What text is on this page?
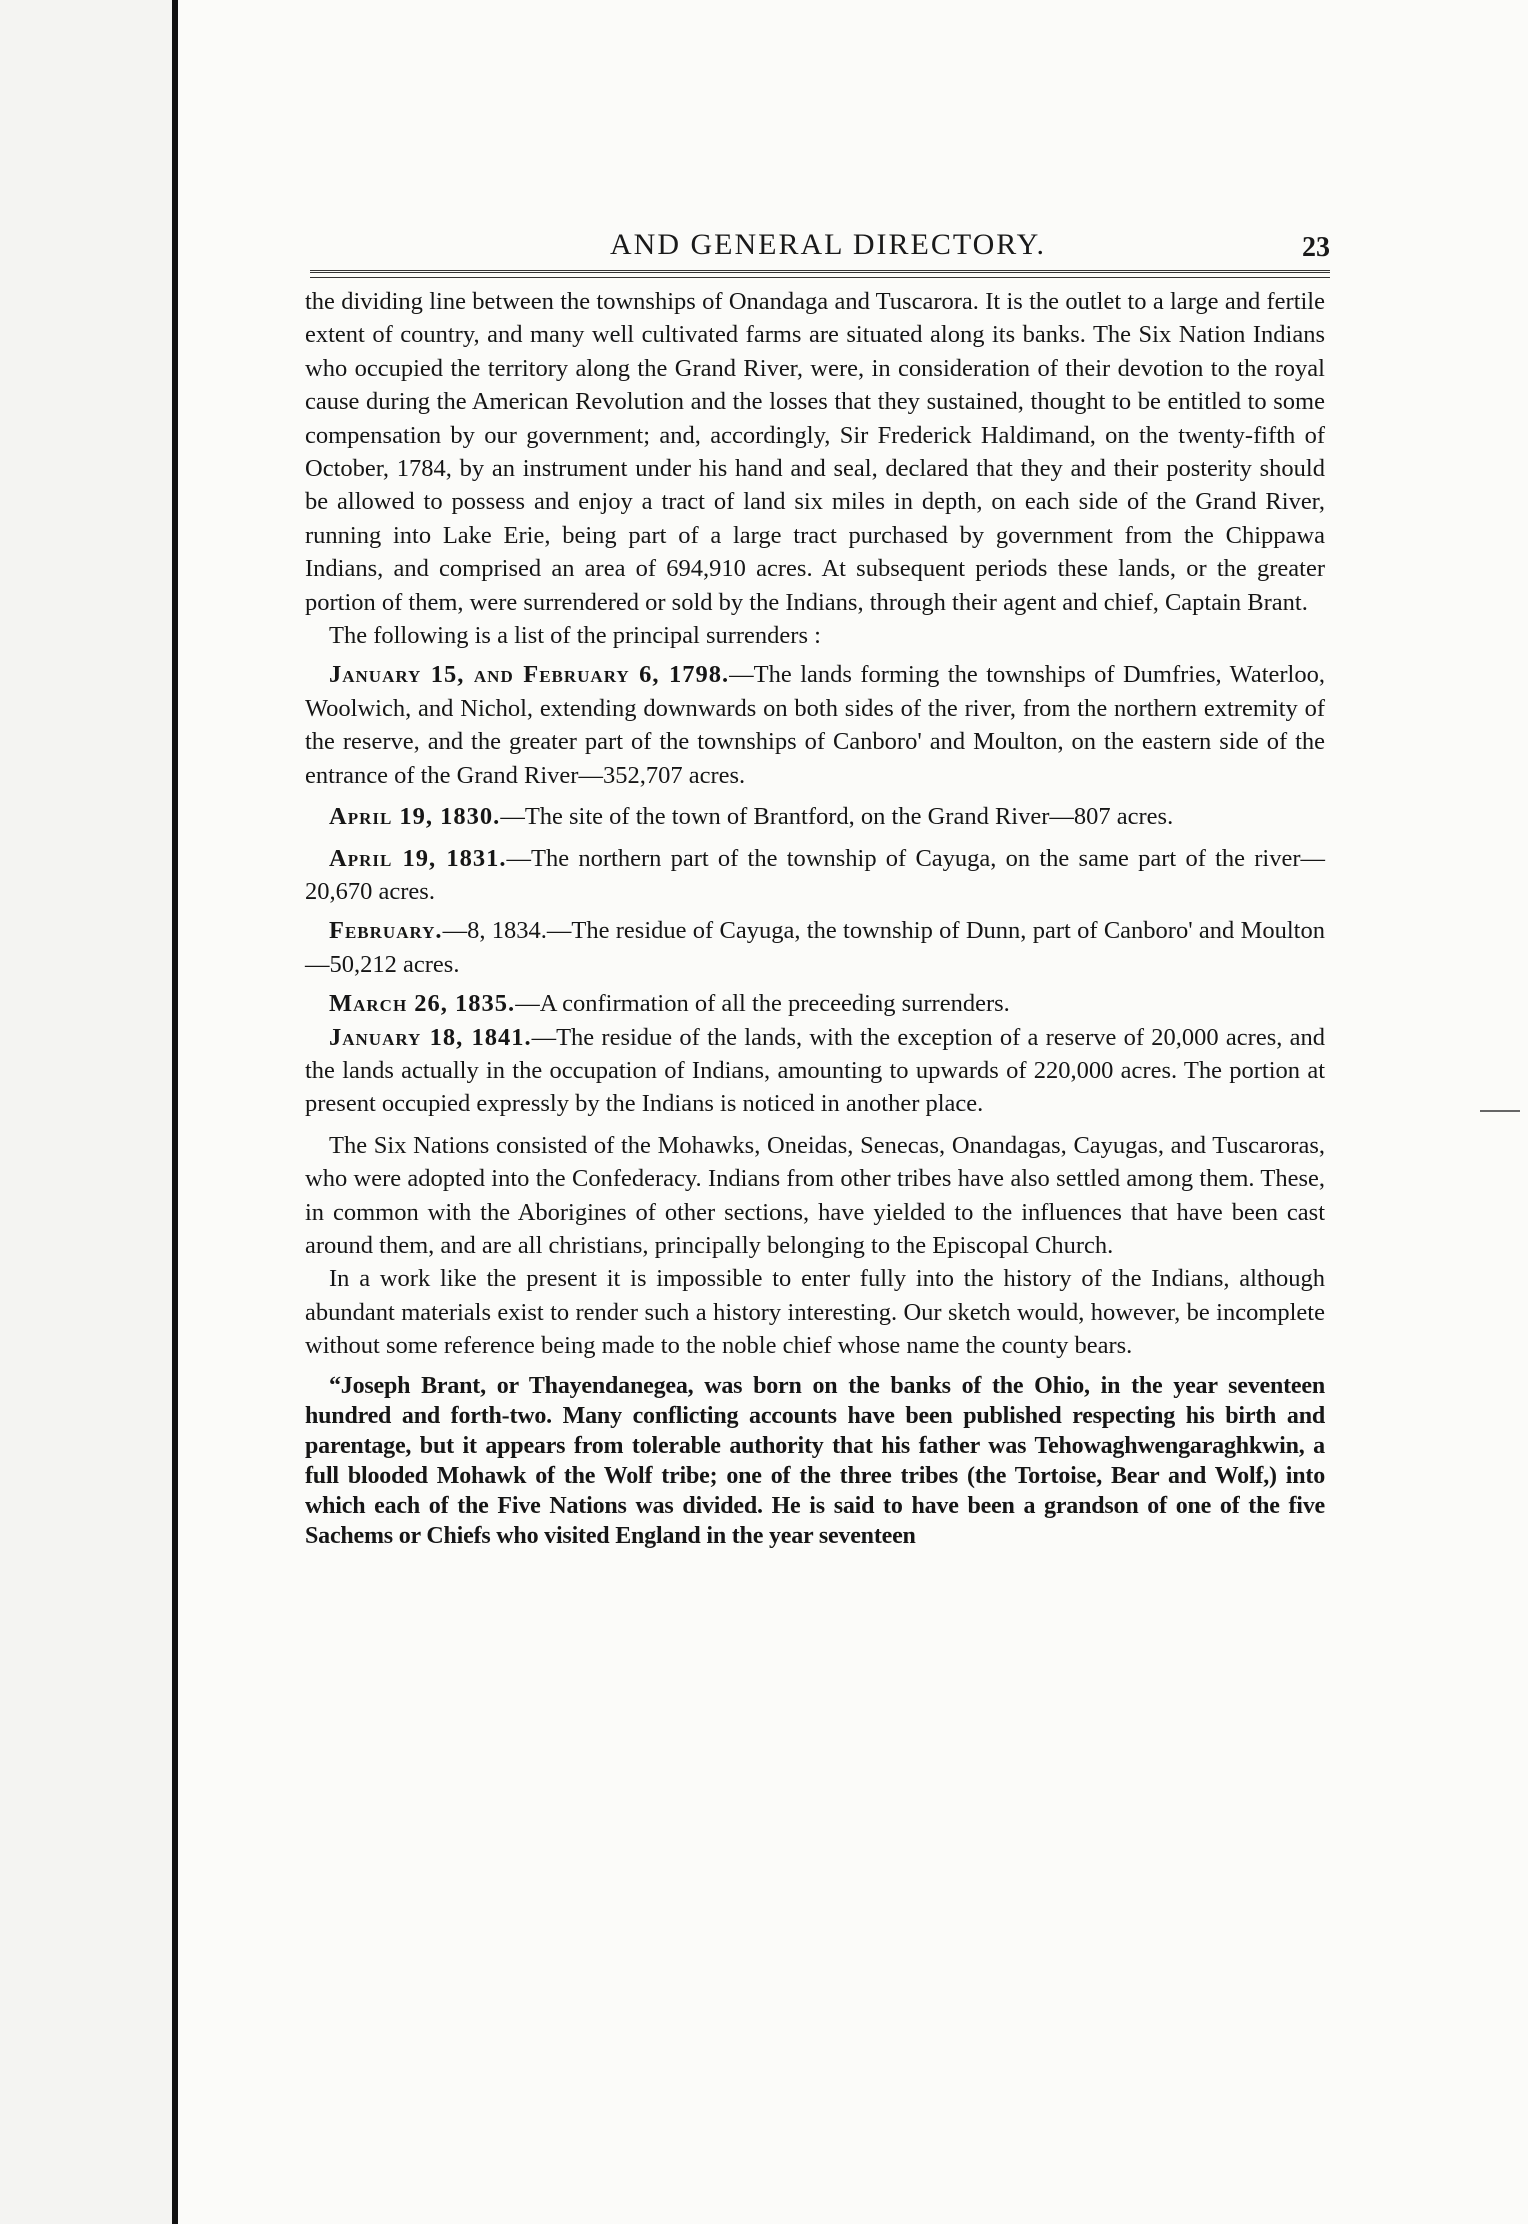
AND GENERAL DIRECTORY.	23

the dividing line between the townships of Onandaga and Tuscarora. It is the outlet to a large and fertile extent of country, and many well cultivated farms are situated along its banks. The Six Nation Indians who occupied the territory along the Grand River, were, in consideration of their devotion to the royal cause during the American Revolution and the losses that they sustained, thought to be entitled to some compensation by our government; and, accordingly, Sir Frederick Haldimand, on the twenty-fifth of October, 1784, by an instrument under his hand and seal, declared that they and their posterity should be allowed to possess and enjoy a tract of land six miles in depth, on each side of the Grand River, running into Lake Erie, being part of a large tract purchased by government from the Chippawa Indians, and comprised an area of 694,910 acres. At subsequent periods these lands, or the greater portion of them, were surrendered or sold by the Indians, through their agent and chief, Captain Brant.

The following is a list of the principal surrenders :

January 15, and February 6, 1798.—The lands forming the townships of Dumfries, Waterloo, Woolwich, and Nichol, extending downwards on both sides of the river, from the northern extremity of the reserve, and the greater part of the townships of Canboro' and Moulton, on the eastern side of the entrance of the Grand River—352,707 acres.

April 19, 1830.—The site of the town of Brantford, on the Grand River—807 acres.

April 19, 1831.—The northern part of the township of Cayuga, on the same part of the river—20,670 acres.

February.—8, 1834.—The residue of Cayuga, the township of Dunn, part of Canboro' and Moulton—50,212 acres.

March 26, 1835.—A confirmation of all the preceeding surrenders.

January 18, 1841.—The residue of the lands, with the exception of a reserve of 20,000 acres, and the lands actually in the occupation of Indians, amounting to upwards of 220,000 acres. The portion at present occupied expressly by the Indians is noticed in another place.

The Six Nations consisted of the Mohawks, Oneidas, Senecas, Onandagas, Cayugas, and Tuscaroras, who were adopted into the Confederacy. Indians from other tribes have also settled among them. These, in common with the Aborigines of other sections, have yielded to the influences that have been cast around them, and are all christians, principally belonging to the Episcopal Church.

In a work like the present it is impossible to enter fully into the history of the Indians, although abundant materials exist to render such a history interesting. Our sketch would, however, be incomplete without some reference being made to the noble chief whose name the county bears.

“Joseph Brant, or Thayendanegea, was born on the banks of the Ohio, in the year seventeen hundred and forth-two. Many conflicting accounts have been published respecting his birth and parentage, but it appears from tolerable authority that his father was Tehowaghwengaraghkwin, a full blooded Mohawk of the Wolf tribe; one of the three tribes (the Tortoise, Bear and Wolf,) into which each of the Five Nations was divided. He is said to have been a grandson of one of the five Sachems or Chiefs who visited England in the year seventeen
